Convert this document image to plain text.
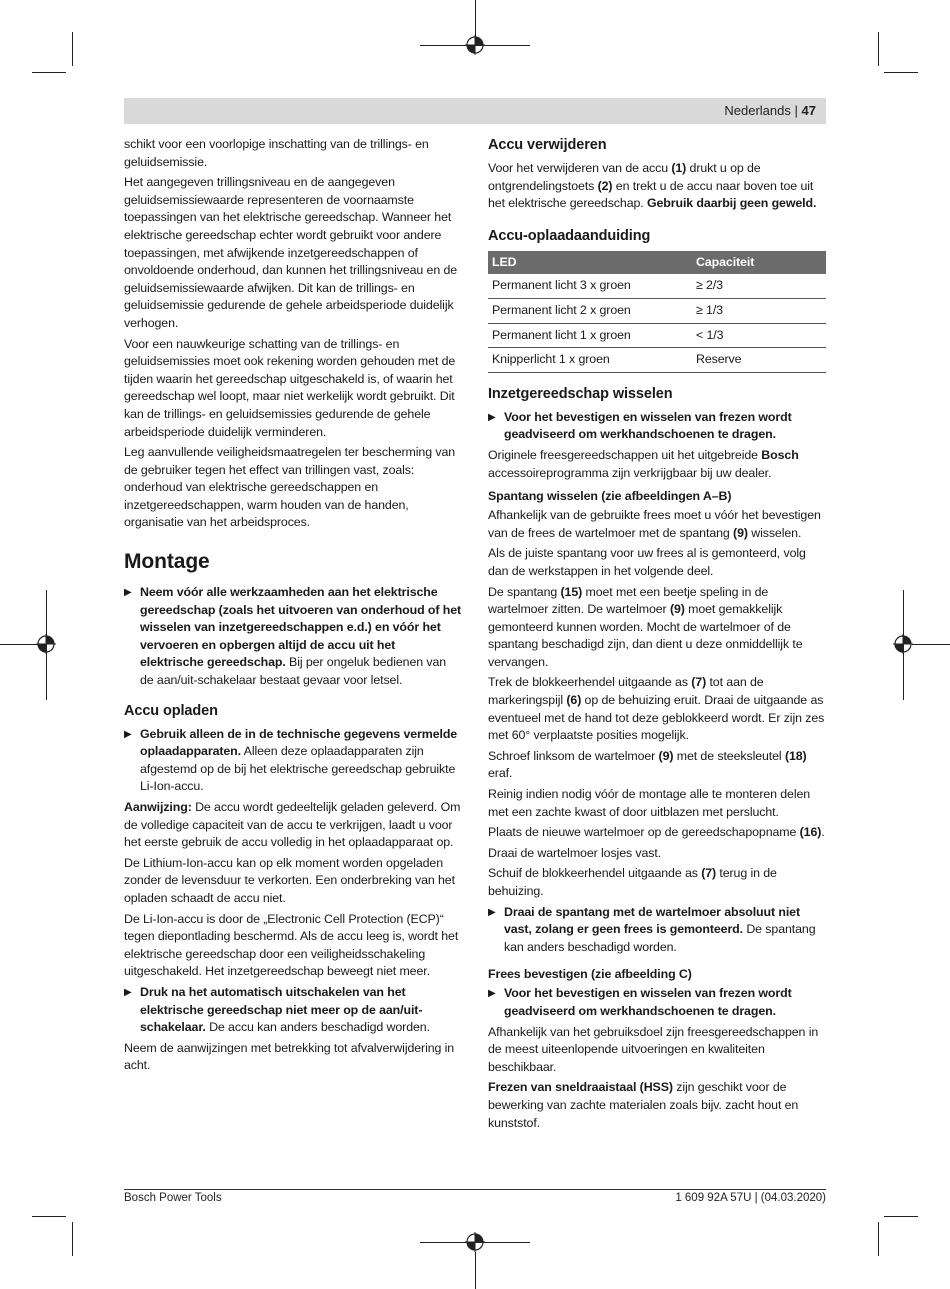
Nederlands | 47

schikt voor een voorlopige inschatting van de trillings- en geluidsemissie.

Het aangegeven trillingsniveau en de aangegeven geluidsemissiewaarde representeren de voornaamste toepassingen van het elektrische gereedschap. Wanneer het elektrische gereedschap echter wordt gebruikt voor andere toepassingen, met afwijkende inzetgereedschappen of onvoldoende onderhoud, dan kunnen het trillingsniveau en de geluidsemissiewaarde afwijken. Dit kan de trillings- en geluidsemissie gedurende de gehele arbeidsperiode duidelijk verhogen.

Voor een nauwkeurige schatting van de trillings- en geluidsemissies moet ook rekening worden gehouden met de tijden waarin het gereedschap uitgeschakeld is, of waarin het gereedschap wel loopt, maar niet werkelijk wordt gebruikt. Dit kan de trillings- en geluidsemissies gedurende de gehele arbeidsperiode duidelijk verminderen.

Leg aanvullende veiligheidsmaatregelen ter bescherming van de gebruiker tegen het effect van trillingen vast, zoals: onderhoud van elektrische gereedschappen en inzetgereedschappen, warm houden van de handen, organisatie van het arbeidsproces.

Montage
▶ Neem vóór alle werkzaamheden aan het elektrische gereedschap (zoals het uitvoeren van onderhoud of het wisselen van inzetgereedschappen e.d.) en vóór het vervoeren en opbergen altijd de accu uit het elektrische gereedschap. Bij per ongeluk bedienen van de aan/uit-schakelaar bestaat gevaar voor letsel.
Accu opladen
▶ Gebruik alleen de in de technische gegevens vermelde oplaadapparaten. Alleen deze oplaadapparaten zijn afgestemd op de bij het elektrische gereedschap gebruikte Li-Ion-accu.

Aanwijzing: De accu wordt gedeeltelijk geladen geleverd. Om de volledige capaciteit van de accu te verkrijgen, laadt u voor het eerste gebruik de accu volledig in het oplaadapparaat op.

De Lithium-Ion-accu kan op elk moment worden opgeladen zonder de levensduur te verkorten. Een onderbreking van het opladen schaadt de accu niet.

De Li-Ion-accu is door de „Electronic Cell Protection (ECP)“ tegen diepontlading beschermd. Als de accu leeg is, wordt het elektrische gereedschap door een veiligheidsschakeling uitgeschakeld. Het inzetgereedschap beweegt niet meer.

▶ Druk na het automatisch uitschakelen van het elektrische gereedschap niet meer op de aan/uit-schakelaar. De accu kan anders beschadigd worden.

Neem de aanwijzingen met betrekking tot afvalverwijdering in acht.

Accu verwijderen

Voor het verwijderen van de accu (1) drukt u op de ontgrendelingstoets (2) en trekt u de accu naar boven toe uit het elektrische gereedschap. Gebruik daarbij geen geweld.

Accu-oplaadaanduiding
LED	Capaciteit
Permanent licht 3 x groen	≥ 2/3
Permanent licht 2 x groen	≥ 1/3
Permanent licht 1 x groen	< 1/3
Knipperlicht 1 x groen	Reserve
Inzetgereedschap wisselen
▶ Voor het bevestigen en wisselen van frezen wordt geadviseerd om werkhandschoenen te dragen.

Originele freesgereedschappen uit het uitgebreide Bosch accessoireprogramma zijn verkrijgbaar bij uw dealer.

Spantang wisselen (zie afbeeldingen A–B)

Afhankelijk van de gebruikte frees moet u vóór het bevestigen van de frees de wartelmoer met de spantang (9) wisselen.

Als de juiste spantang voor uw frees al is gemonteerd, volg dan de werkstappen in het volgende deel.

De spantang (15) moet met een beetje speling in de wartelmoer zitten. De wartelmoer (9) moet gemakkelijk gemonteerd kunnen worden. Mocht de wartelmoer of de spantang beschadigd zijn, dan dient u deze onmiddellijk te vervangen.

Trek de blokkeerhendel uitgaande as (7) tot aan de markeringspijl (6) op de behuizing eruit. Draai de uitgaande as eventueel met de hand tot deze geblokkeerd wordt. Er zijn zes met 60° verplaatste posities mogelijk.

Schroef linksom de wartelmoer (9) met de steeksleutel (18) eraf.

Reinig indien nodig vóór de montage alle te monteren delen met een zachte kwast of door uitblazen met perslucht.

Plaats de nieuwe wartelmoer op de gereedschapopname (16).

Draai de wartelmoer losjes vast.

Schuif de blokkeerhendel uitgaande as (7) terug in de behuizing.

▶ Draai de spantang met de wartelmoer absoluut niet vast, zolang er geen frees is gemonteerd. De spantang kan anders beschadigd worden.
Frees bevestigen (zie afbeelding C)
▶ Voor het bevestigen en wisselen van frezen wordt geadviseerd om werkhandschoenen te dragen.

Afhankelijk van het gebruiksdoel zijn freesgereedschappen in de meest uiteenlopende uitvoeringen en kwaliteiten beschikbaar.

Frezen van sneldraaistaal (HSS) zijn geschikt voor de bewerking van zachte materialen zoals bijv. zacht hout en kunststof.

Bosch Power Tools	1 609 92A 57U | (04.03.2020)
